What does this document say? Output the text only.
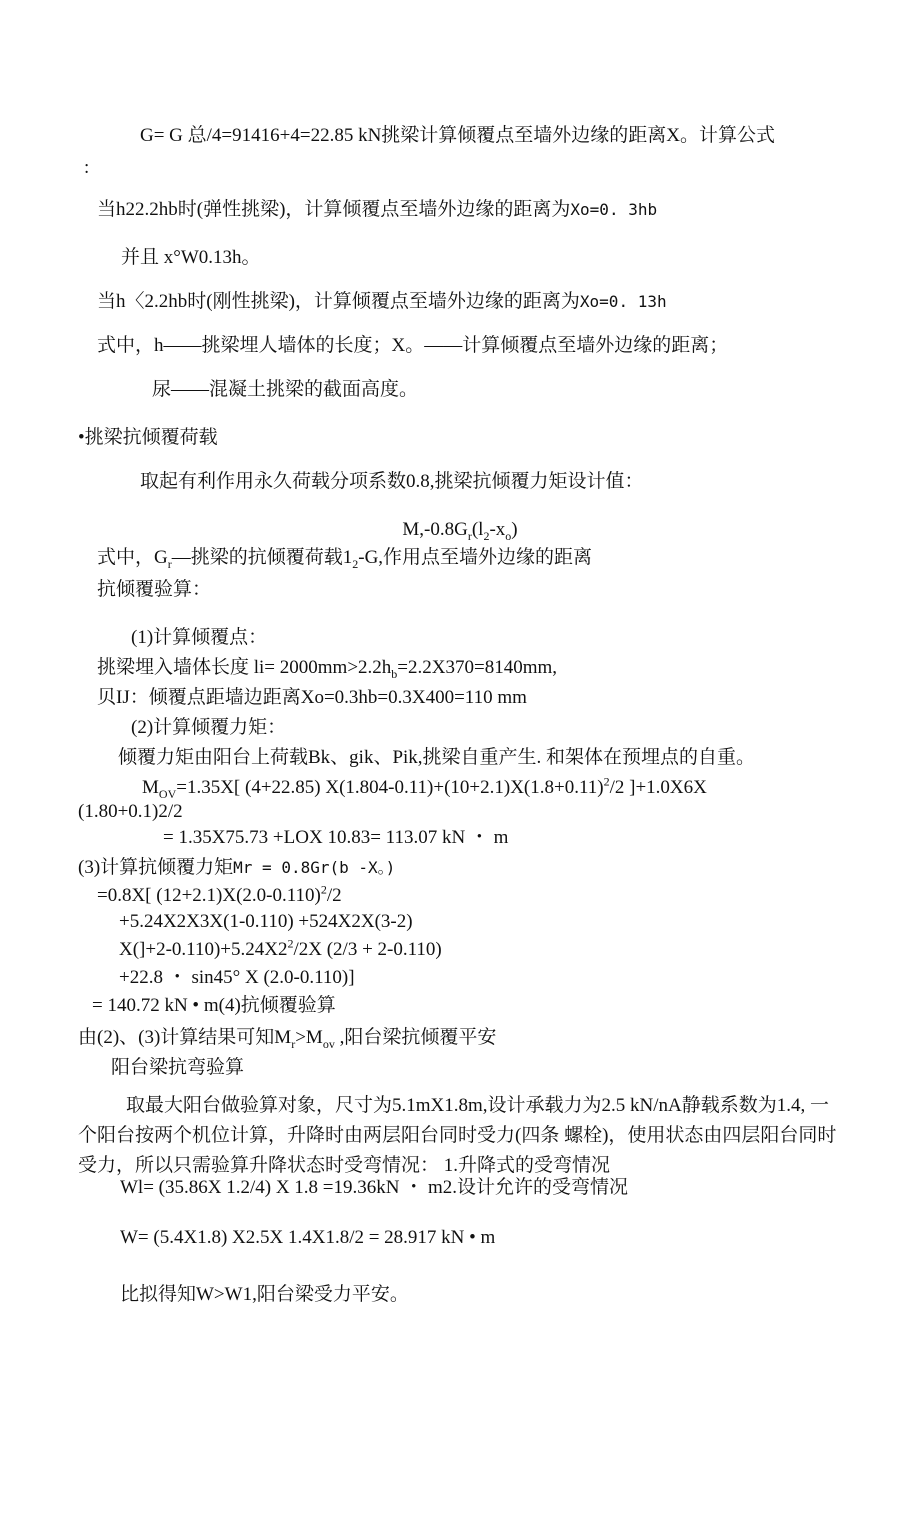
G= G 总/4=91416+4=22.85 kN挑梁计算倾覆点至墙外边缘的距离X。计算公式
:
当h22.2hb时(弹性挑梁)，计算倾覆点至墙外边缘的距离为Xo=0. 3hb
并且 x°W0.13h。
当h〈2.2hb时(刚性挑梁)，计算倾覆点至墙外边缘的距离为Xo=0. 13h
式中，h——挑梁埋人墙体的长度；X。——计算倾覆点至墙外边缘的距离；
尿——混凝土挑梁的截面高度。
•挑梁抗倾覆荷载
取起有利作用永久荷载分项系数0.8,挑梁抗倾覆力矩设计值：
$M,-0.8G_r(l_2-x_o)$
式中，$G_r—$挑梁的抗倾覆荷载$1_2-G$,作用点至墙外边缘的距离
抗倾覆验算：
(1)计算倾覆点：
挑梁埋入墙体长度 $li= 2000mm>2.2h_b=2.2X370=8140mm$,
贝IJ：倾覆点距墙边距离Xo=0.3hb=0.3X400=110 mm
(2)计算倾覆力矩：
倾覆力矩由阳台上荷载Bk、gik、Pik,挑梁自重产生. 和架体在预埋点的自重。
$M_{OV}=1.35X$[ (4+22.85) $X(1.804-0.11)+(10+2.1)X(1.8+0.11)^2/2$ ]+1.0X6X
(1.80+0.1)2/2
= 1.35X75.73 +LOX 10.83= 113.07 kN ・ m
(3)计算抗倾覆力矩Mr = 0.8Gr(b -X。)
=0.8X[ $(12+2.1)X(2.0-0.110)^2/2$
+5.24X2X3X(1-0.110) +524X2X(3-2)
$X(]+2-0.110)+5.24X2^2/2X$ (2/3 + 2-0.110)
+22.8 ・ sin45° X (2.0-0.110)]
= 140.72 kN • m(4)抗倾覆验算
由(2)、(3)计算结果可知$M_r>M_{ov}$ ,阳台梁抗倾覆平安
阳台梁抗弯验算
取最大阳台做验算对象，尺寸为5.1mX1.8m,设计承载力为2.5 kN/nA静载系数为1.4, 一个阳台按两个机位计算，升降时由两层阳台同时受力(四条 螺栓)，使用状态由四层阳台同时受力，所以只需验算升降状态时受弯情况： 1.升降式的受弯情况
Wl= (35.86X 1.2/4) X 1.8 =19.36kN ・ m2.设计允许的受弯情况
W= (5.4X1.8) X2.5X 1.4X1.8/2 = 28.917 kN • m
比拟得知W>W1,阳台梁受力平安。
